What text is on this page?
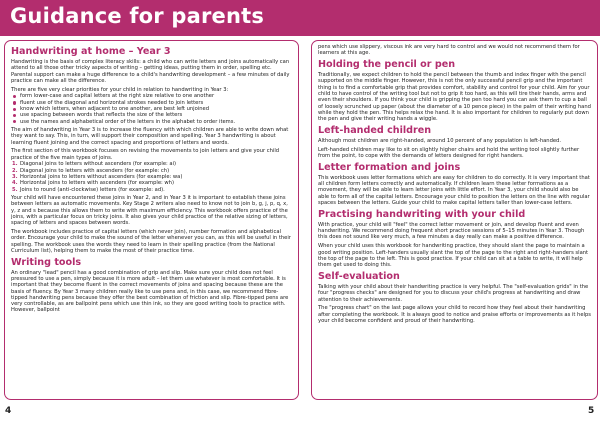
Guidance for parents
Handwriting at home – Year 3

Handwriting is the basis of complex literacy skills: a child who can write letters and joins automatically can attend to all those other tricky aspects of writing – getting ideas, putting them in order, spelling etc. Parental support can make a huge difference to a child's handwriting development – a few minutes of daily practice can make all the difference.

There are five very clear priorities for your child in relation to handwriting in Year 3:

form lower-case and capital letters at the right size relative to one another
fluent use of the diagonal and horizontal strokes needed to join letters
know which letters, when adjacent to one another, are best left unjoined
use spacing between words that reflects the size of the letters
use the names and alphabetical order of the letters in the alphabet to order items.

The aim of handwriting in Year 3 is to increase the fluency with which children are able to write down what they want to say. This, in turn, will support their composition and spelling. Year 3 handwriting is about learning fluent joining and the correct spacing and proportions of letters and words.

The first section of this workbook focuses on revising the movements to join letters and give your child practice of the five main types of joins.

1. Diagonal joins to letters without ascenders (for example: ai)
2. Diagonal joins to letters with ascenders (for example: ch)
3. Horizontal joins to letters without ascenders (for example: wa)
4. Horizontal joins to letters with ascenders (for example: wh)
5. Joins to round (anti-clockwise) letters (for example: ad).

Your child will have encountered these joins in Year 2, and in Year 3 it is important to establish these joins between letters as automatic movements. Key Stage 2 writers also need to know not to join b, g, j, p, q, x, y, z and s because this allows them to write with maximum efficiency. This workbook offers practice of the joins, with a particular focus on tricky joins. It also gives your child practice of the relative sizing of letters, spacing of letters and spaces between words.

The workbook includes practice of capital letters (which never join), number formation and alphabetical order. Encourage your child to make the sound of the letter whenever you can, as this will be useful in their spelling. The workbook uses the words they need to learn in their spelling practice (from the National Curriculum list), helping them to make the most of their practice time.

Writing tools

An ordinary "lead" pencil has a good combination of grip and slip. Make sure your child does not feel pressured to use a pen, simply because it is more adult – let them use whatever is most comfortable. It is important that they become fluent in the correct movements of joins and spacing because these are the basis of fluency. By Year 3 many children really like to use pens and, in this case, we recommend fibre-tipped handwriting pens because they offer the best combination of friction and slip. Fibre-tipped pens are very controllable, as are ballpoint pens which use thin ink, so they are good writing tools to practice with. However, ballpoint

pens which use slippery, viscous ink are very hard to control and we would not recommend them for learners at this age.

Holding the pencil or pen

Traditionally, we expect children to hold the pencil between the thumb and index finger with the pencil supported on the middle finger. However, this is not the only successful pencil grip and the important thing is to find a comfortable grip that provides comfort, stability and control for your child. Aim for your child to have control of the writing tool but not to grip it too hard, as this will tire their hands, arms and even their shoulders. If you think your child is gripping the pen too hard you can ask them to cup a ball of loosely scrunched up paper (about the diameter of a 10 pence piece) in the palm of their writing hand while they hold the pen. This helps relax the hand. It is also important for children to regularly put down the pen and give their writing hands a wiggle.

Left-handed children

Although most children are right-handed, around 10 percent of any population is left-handed.

Left-handed children may like to sit on slightly higher chairs and hold the writing tool slightly further from the point, to cope with the demands of letters designed for right handers.

Letter formation and joins

This workbook uses letter formations which are easy for children to do correctly. It is very important that all children form letters correctly and automatically. If children learn these letter formations as a movement, they will be able to learn letter joins with little effort. In Year 3, your child should also be able to form all of the capital letters. Encourage your child to position the letters on the line with regular spaces between the letters. Guide your child to make capital letters taller than lower-case letters.

Practising handwriting with your child

With practice, your child will "feel" the correct letter movement or join, and develop fluent and even handwriting. We recommend doing frequent short practice sessions of 5–15 minutes in Year 3. Though this does not sound like very much, a few minutes a day really can make a positive difference.

When your child uses this workbook for handwriting practice, they should slant the page to maintain a good writing position. Left-handers usually slant the top of the page to the right and right-handers slant the top of the page to the left. This is good practice. If your child can sit at a table to write, it will help them get used to doing this.

Self-evaluation

Talking with your child about their handwriting practice is very helpful. The "self-evaluation grids" in the four "progress checks" are designed for you to discuss your child's progress at handwriting and draw attention to their achievements.

The "progress chart" on the last page allows your child to record how they feel about their handwriting after completing the workbook. It is always good to notice and praise efforts or improvements as it helps your child become confident and proud of their handwriting.

4	5
